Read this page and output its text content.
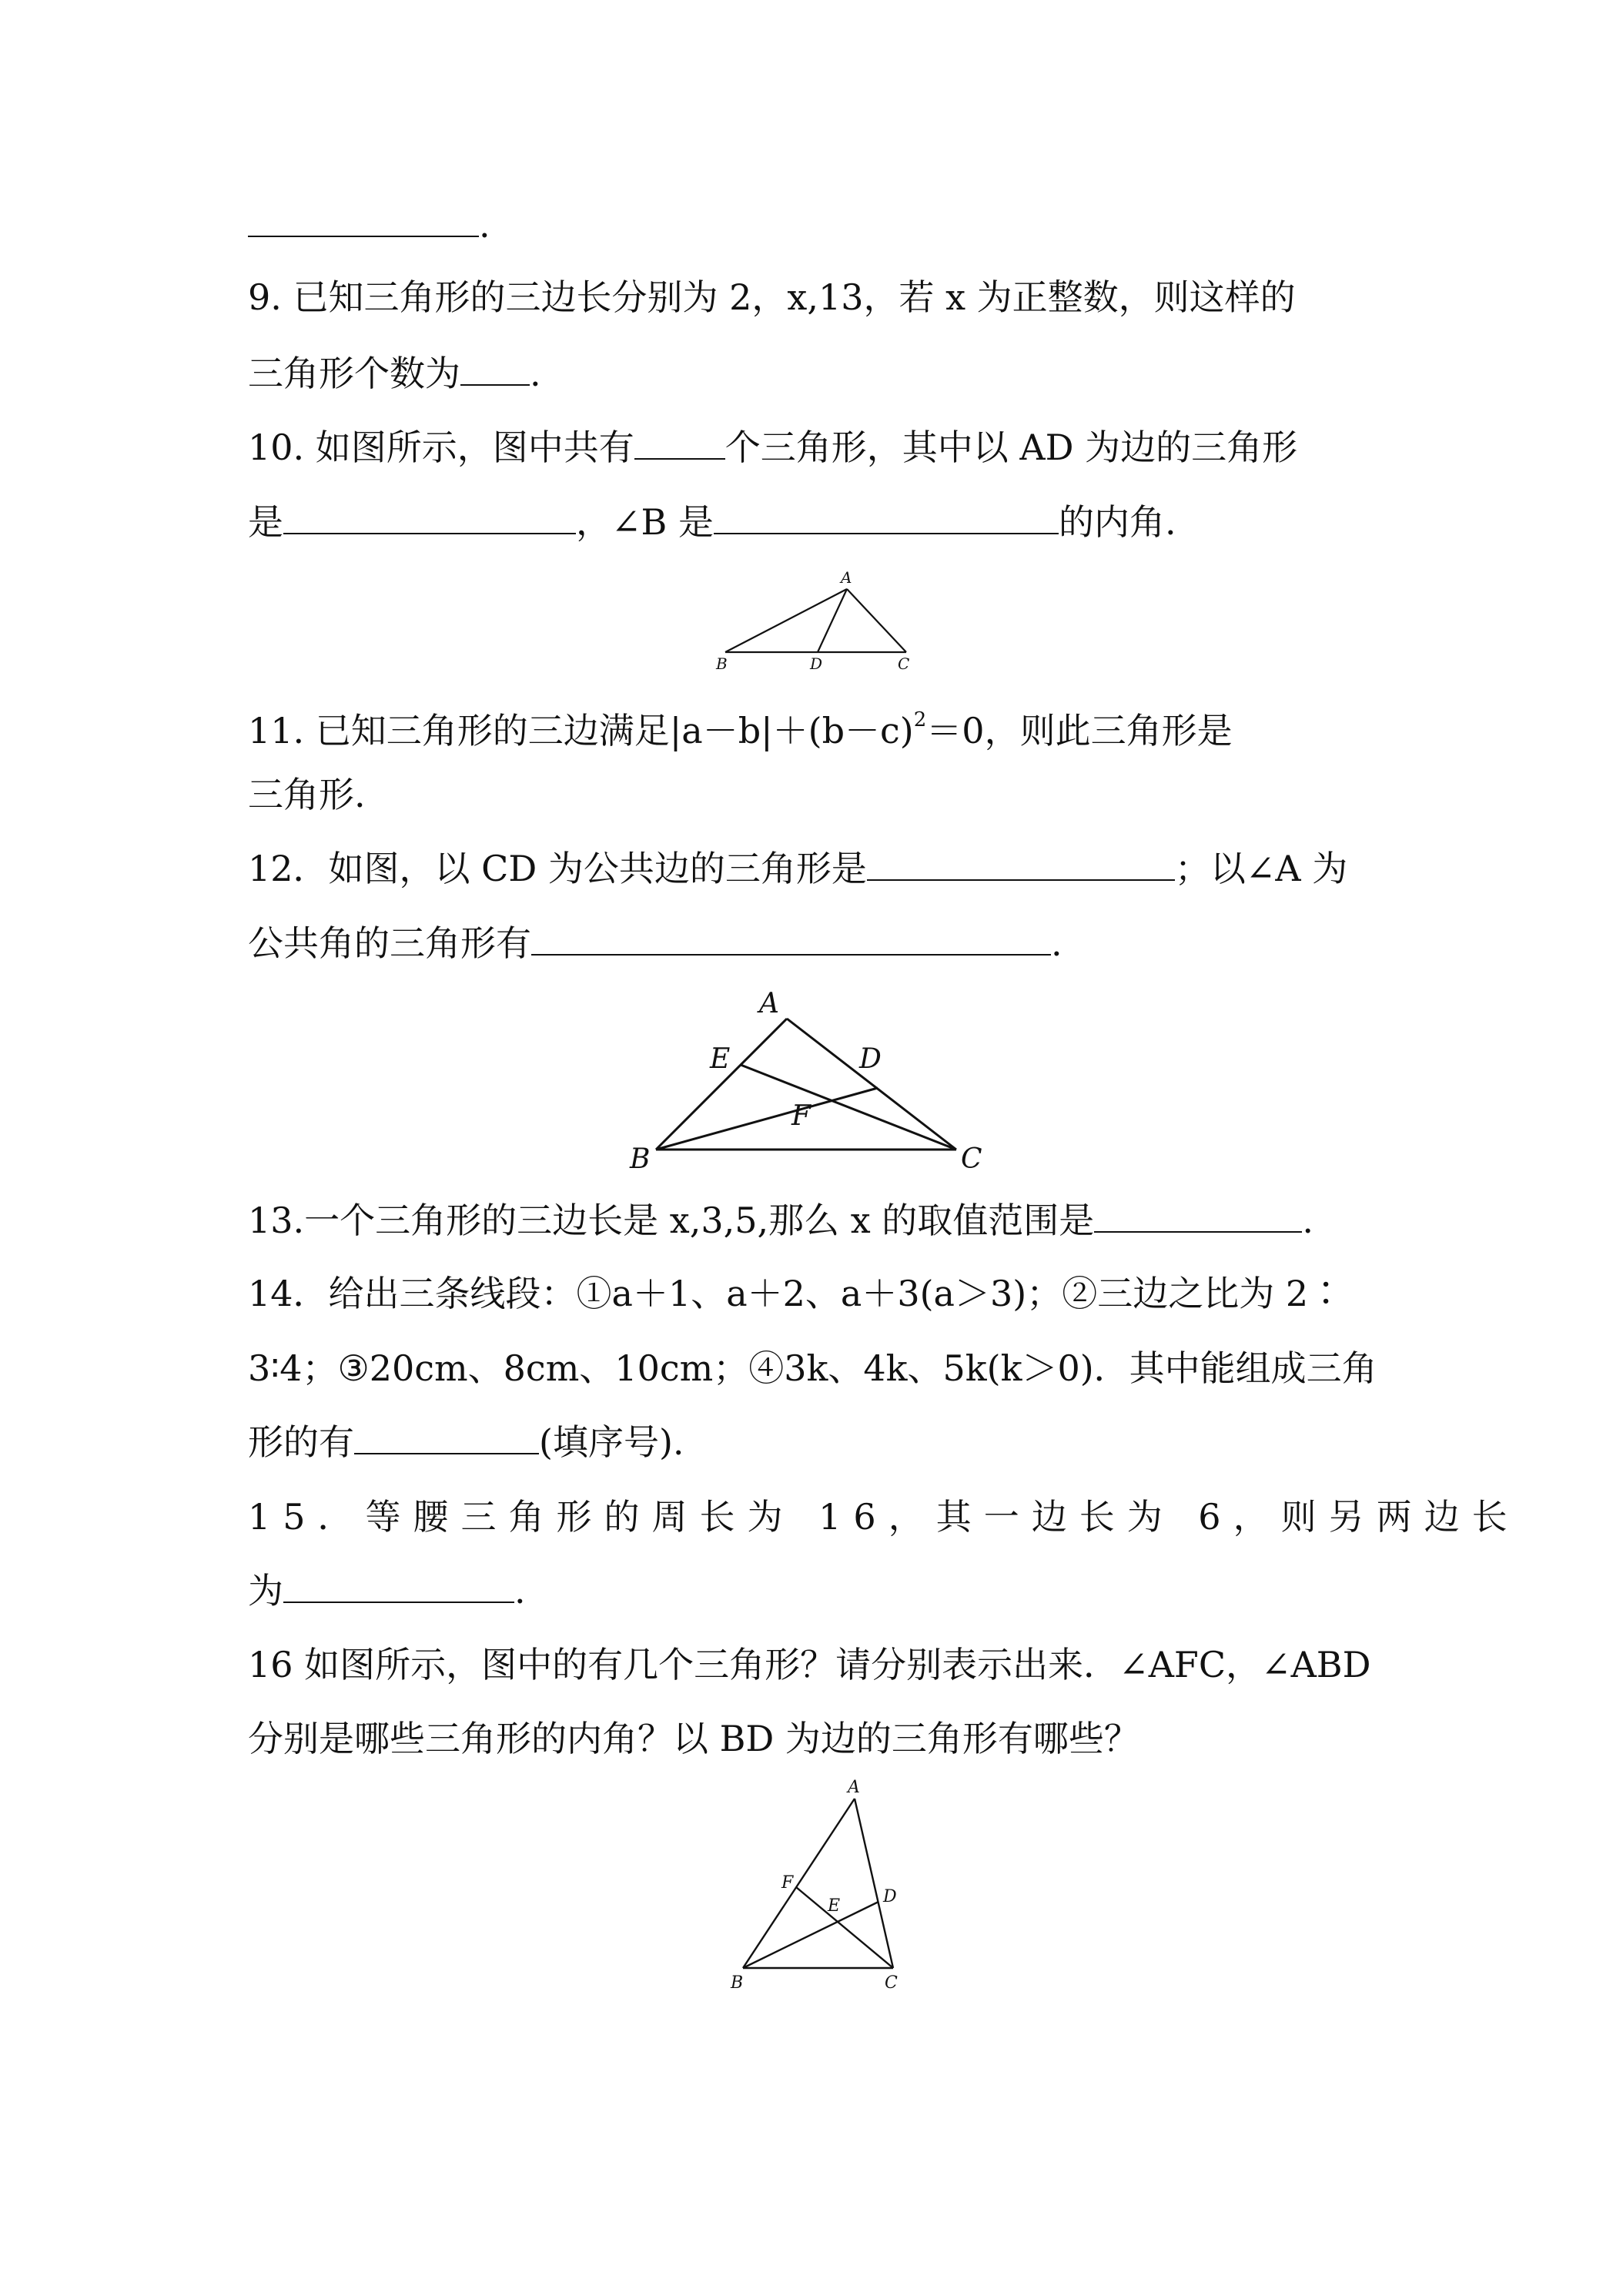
.
9. 已知三角形的三边长分别为 2，x,13，若 x 为正整数，则这样的
三角形个数为 .
10. 如图所示，图中共有	个三角形，其中以 AD 为边的三角形
是	，∠B 是	的内角.
A
B	D	C
11. 已知三角形的三边满足$|a-b|+(b-c)^2=0$，则此三角形是
三角形.
12．如图，以 CD 为公共边的三角形是	；以∠A 为
公共角的三角形有	.
A
E	D
F
B	C
13.一个三角形的三边长是 x,3,5,那么 x 的取值范围是	.
14．给出三条线段：①a＋1、a＋2、a＋3(a＞3)；②三边之比为 2∶
3∶4；③20cm、8cm、10cm；④3k、4k、5k(k＞0)．其中能组成三角
形的有	(填序号).
15．等腰三角形的周长为 16，其一边长为 6，则另两边长
为	.
16 如图所示，图中的有几个三角形？请分别表示出来．∠AFC，∠ABD
分别是哪些三角形的内角？以 BD 为边的三角形有哪些？
A
F
E	D
B	C
